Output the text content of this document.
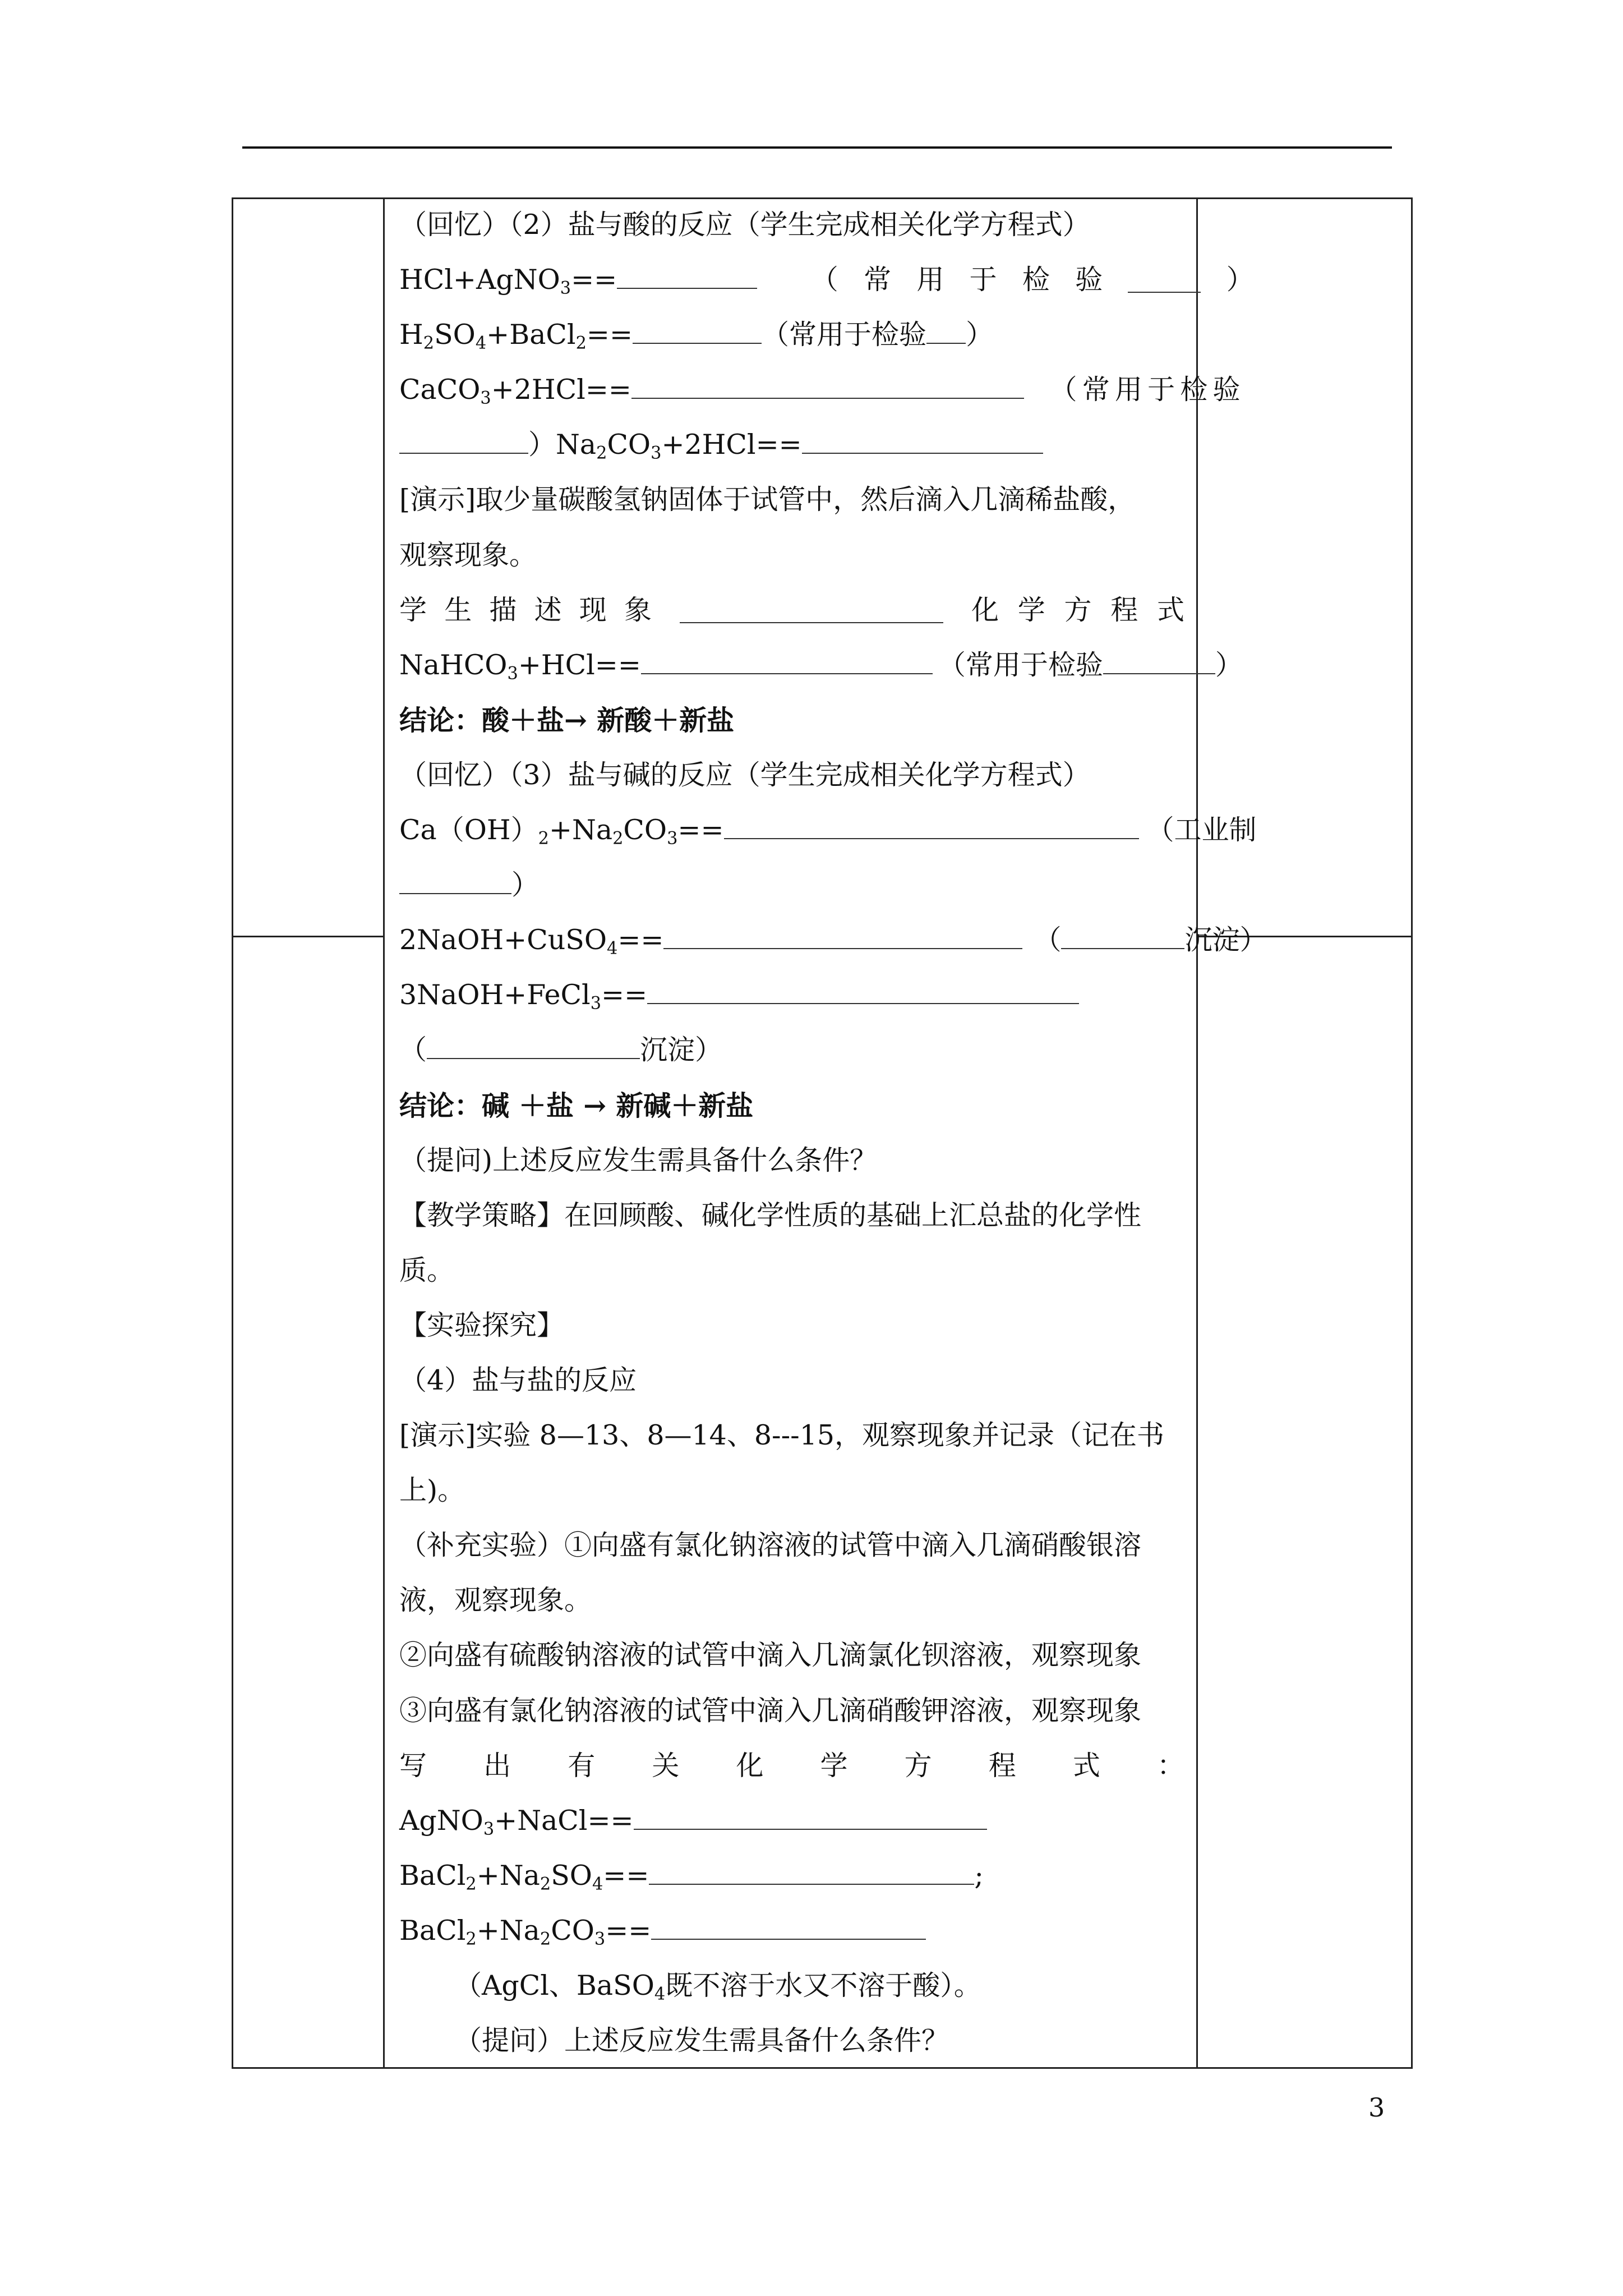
（回忆）（2）盐与酸的反应（学生完成相关化学方程式）
HCl+AgNO$_3$==	（ 常 用 于 检 验	）
$H_2SO_4+BaCl_2==$	（常用于检验 ）
CaCO$_3$+2HCl==	（ 常 用 于 检 验
）$Na_2CO_3+2HCl==$
[演示]取少量碳酸氢钠固体于试管中，然后滴入几滴稀盐酸，
观察现象。
学 生 描 述 现 象	化 学 方 程 式
NaHCO$_3$+HCl==	（常用于检验	）
结论：酸＋盐→ 新酸＋新盐
（回忆）（3）盐与碱的反应（学生完成相关化学方程式）
$Ca(OH)_2+Na_2CO_3==$	（工业制
）
2NaOH+CuSO$_4$==	（	沉淀）
3NaOH+FeCl$_3$==
（	沉淀）
结论：碱 ＋盐 → 新碱＋新盐
（提问)上述反应发生需具备什么条件？
【教学策略】在回顾酸、碱化学性质的基础上汇总盐的化学性
质。
【实验探究】
（4）盐与盐的反应
[演示]实验 8—13、8—14、8---15，观察现象并记录（记在书
上)。
（补充实验）①向盛有氯化钠溶液的试管中滴入几滴硝酸银溶
液，观察现象。
②向盛有硫酸钠溶液的试管中滴入几滴氯化钡溶液，观察现象
③向盛有氯化钠溶液的试管中滴入几滴硝酸钾溶液，观察现象
写 出 有 关 化 学 方 程 式 ：
AgNO$_3$+NaCl==
$BaCl_2+Na_2SO_4==$	;
$BaCl_2+Na_2CO_3==$
（AgCl、BaSO$_4$既不溶于水又不溶于酸）。
（提问）上述反应发生需具备什么条件？
3
